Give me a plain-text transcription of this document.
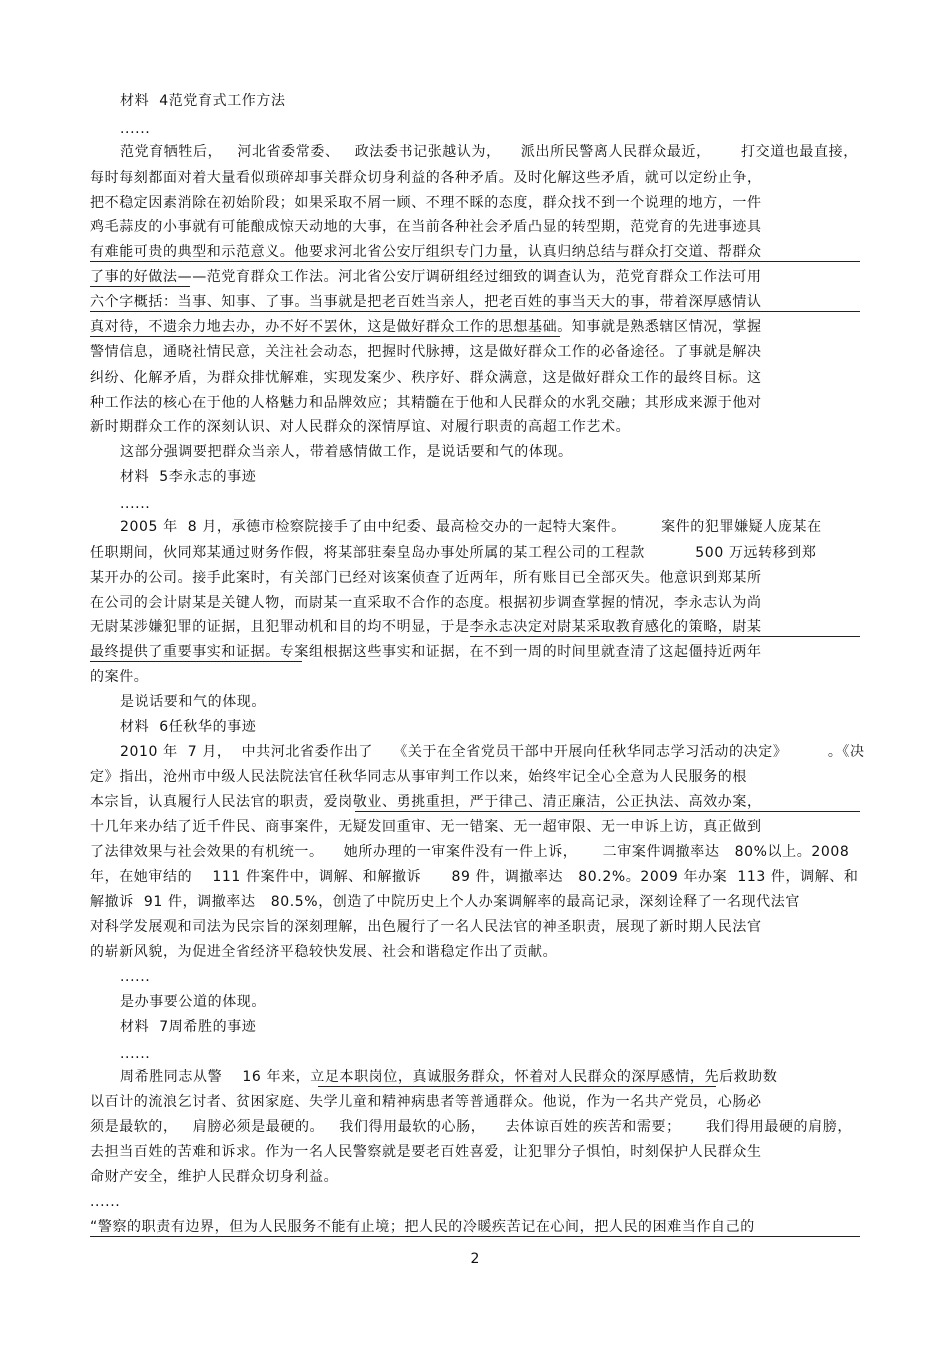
材料  4范党育式工作方法
......
范党育牺牲后，   河北省委常委、   政法委书记张越认为，    派出所民警离人民群众最近，      打交道也最直接，
每时每刻都面对着大量看似琐碎却事关群众切身利益的各种矛盾。及时化解这些矛盾，就可以定纷止争，
把不稳定因素消除在初始阶段；如果采取不屑一顾、不理不睬的态度，群众找不到一个说理的地方，一件
鸡毛蒜皮的小事就有可能酿成惊天动地的大事，在当前各种社会矛盾凸显的转型期，范党育的先进事迹具
有难能可贵的典型和示范意义。他要求河北省公安厅组织专门力量，认真归纳总结与群众打交道、帮群众
了事的好做法——范党育群众工作法。河北省公安厅调研组经过细致的调查认为，范党育群众工作法可用
六个字概括：当事、知事、了事。当事就是把老百姓当亲人，把老百姓的事当天大的事，带着深厚感情认
真对待，不遗余力地去办，办不好不罢休，这是做好群众工作的思想基础。知事就是熟悉辖区情况，掌握
警情信息，通晓社情民意，关注社会动态，把握时代脉搏，这是做好群众工作的必备途径。了事就是解决
纠纷、化解矛盾，为群众排忧解难，实现发案少、秩序好、群众满意，这是做好群众工作的最终目标。这
种工作法的核心在于他的人格魅力和品牌效应；其精髓在于他和人民群众的水乳交融；其形成来源于他对
新时期群众工作的深刻认识、对人民群众的深情厚谊、对履行职责的高超工作艺术。
这部分强调要把群众当亲人，带着感情做工作，是说话要和气的体现。
材料  5李永志的事迹
......
2005 年  8 月，承德市检察院接手了由中纪委、最高检交办的一起特大案件。       案件的犯罪嫌疑人庞某在
任职期间，伙同郑某通过财务作假，将某部驻秦皇岛办事处所属的某工程公司的工程款          500 万远转移到郑
某开办的公司。接手此案时，有关部门已经对该案侦查了近两年，所有账目已全部灭失。他意识到郑某所
在公司的会计尉某是关键人物，而尉某一直采取不合作的态度。根据初步调查掌握的情况，李永志认为尚
无尉某涉嫌犯罪的证据，且犯罪动机和目的均不明显，于是李永志决定对尉某采取教育感化的策略，尉某
最终提供了重要事实和证据。专案组根据这些事实和证据，在不到一周的时间里就查清了这起僵持近两年
的案件。
是说话要和气的体现。
材料  6任秋华的事迹
2010 年  7 月，  中共河北省委作出了    《关于在全省党员干部中开展向任秋华同志学习活动的决定》        。《决
定》指出，沧州市中级人民法院法官任秋华同志从事审判工作以来，始终牢记全心全意为人民服务的根
本宗旨，认真履行人民法官的职责，爱岗敬业、勇挑重担，严于律己、清正廉洁，公正执法、高效办案，
十几年来办结了近千件民、商事案件，无疑发回重审、无一错案、无一超审限、无一申诉上访，真正做到
了法律效果与社会效果的有机统一。    她所办理的一审案件没有一件上诉，     二审案件调撤率达   80%以上。2008
年，在她审结的    111 件案件中，调解、和解撤诉      89 件，调撤率达   80.2%。2009 年办案  113 件，调解、和
解撤诉  91 件，调撤率达   80.5%，创造了中院历史上个人办案调解率的最高记录，深刻诠释了一名现代法官
对科学发展观和司法为民宗旨的深刻理解，出色履行了一名人民法官的神圣职责，展现了新时期人民法官
的崭新风貌，为促进全省经济平稳较快发展、社会和谐稳定作出了贡献。
......
是办事要公道的体现。
材料  7周希胜的事迹
......
周希胜同志从警    16 年来，立足本职岗位，真诚服务群众，怀着对人民群众的深厚感情，先后救助数
以百计的流浪乞讨者、贫困家庭、失学儿童和精神病患者等普通群众。他说，作为一名共产党员，心肠必
须是最软的，   肩膀必须是最硬的。   我们得用最软的心肠，    去体谅百姓的疾苦和需要；     我们得用最硬的肩膀，
去担当百姓的苦难和诉求。作为一名人民警察就是要老百姓喜爱，让犯罪分子惧怕，时刻保护人民群众生
命财产安全，维护人民群众切身利益。
......
“警察的职责有边界，但为人民服务不能有止境；把人民的冷暖疾苦记在心间，把人民的困难当作自己的
2
